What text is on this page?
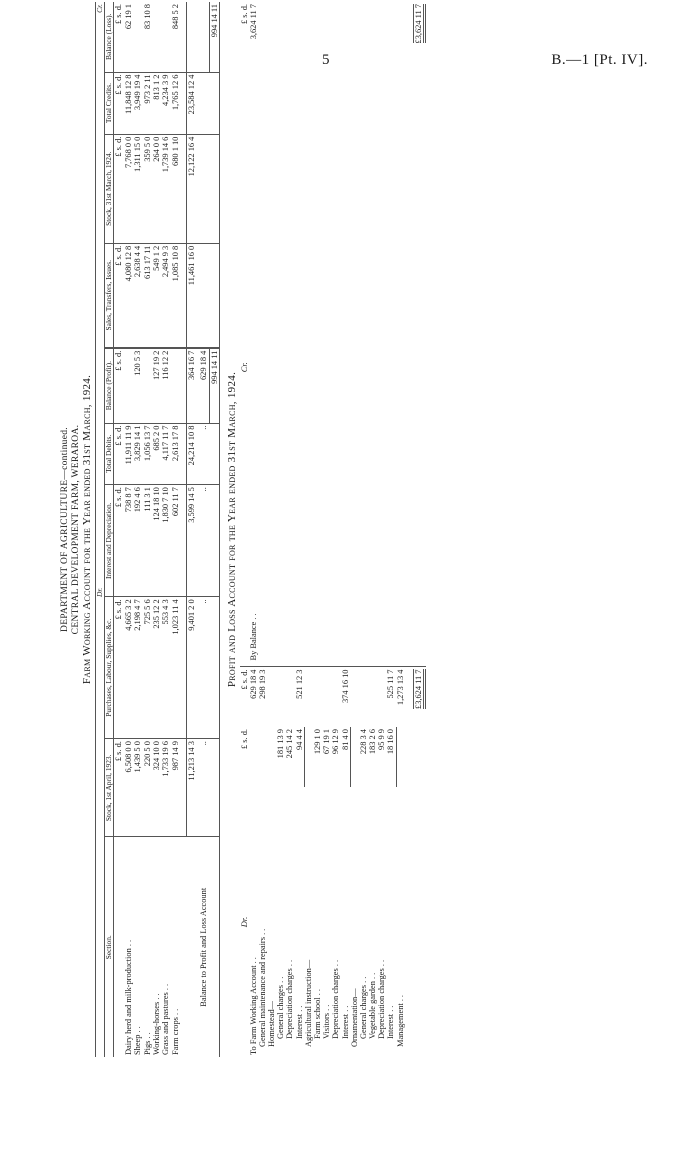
5	B.—1 [Pt. IV].
DEPARTMENT OF AGRICULTURE—continued. CENTRAL DEVELOPMENT FARM, WERAROA. Farm Working Account for the Year ended 31st March, 1924.
	Dr.					Cr.			
Section.	Stock, 1st April, 1923.	Purchases, Labour, Supplies, &c.	Interest and Depreciation.	Total Debits.	Balance (Profit).	Sales, Transfers, Issues.	Stock, 31st March, 1924.	Total Credits.	Balance (Loss).
	£ s. d.	£ s. d.	£ s. d.	£ s. d.	£ s. d.	£ s. d.	£ s. d.	£ s. d.	£ s. d.
Dairy herd and milk-production ..	6,508 0 0	4,665 3 2	738 8 7	11,911 11 9		4,080 12 8	7,768 0 0	11,848 12 8	62 19 1
Sheep ..	1,439 5 0	2,198 4 7	192 4 6	3,829 14 1	120 5 3	2,638 4 4	1,311 15 0	3,949 19 4	
Pigs ..	220 5 0	725 5 6	111 3 1	1,056 13 7		613 17 11	359 5 0	973 2 11	83 10 8
Working-horses ..	324 10 0	235 12 2	124 18 10	685 2 0	127 19 2	549 1 2	264 0 0	813 1 2	
Grass and pastures ..	1,733 19 6	553 4 3	1,830 7 10	4,117 11 7	116 12 2	2,494 9 3	1,739 14 6	4,234 3 9	
Farm crops ..	987 14 9	1,023 11 4	602 11 7	2,613 17 8		1,085 10 8	680 1 10	1,765 12 6	848 5 2

	11,213 14 3	9,401 2 0	3,599 14 5	24,214 10 8	364 16 7	11,461 16 0	12,122 16 4	23,584 12 4	
Balance to Profit and Loss Account	..	..	..	..	629 18 4				
					994 14 11				994 14 11
Profit and Loss Account for the Year ended 31st March, 1924.
Dr.	£ s. d.	£ s. d.	Cr.	£ s. d.
To Farm Working Account ..		629 18 4	By Balance ..	3,624 11 7
General maintenance and repairs ..		298 19 3		
Homestead—				
General charges ..	181 13 9			
Depreciation charges ..	245 14 2			
Interest ..	94 4 4	521 12 3		
Agricultural instruction—				
Farm school ..	129 1 0			
Visitors ..	67 19 1			
Depreciation charges ..	96 12 9			
Interest ..	81 4 0	374 16 10		
Ornamentation—				
General charges ..	228 3 4			
Vegetable garden ..	183 2 6			
Depreciation charges ..	95 9 9			
Interest ..	18 16 0	525 11 7		
Management ..		1,273 13 4		

		£3,624 11 7		£3,624 11 7
